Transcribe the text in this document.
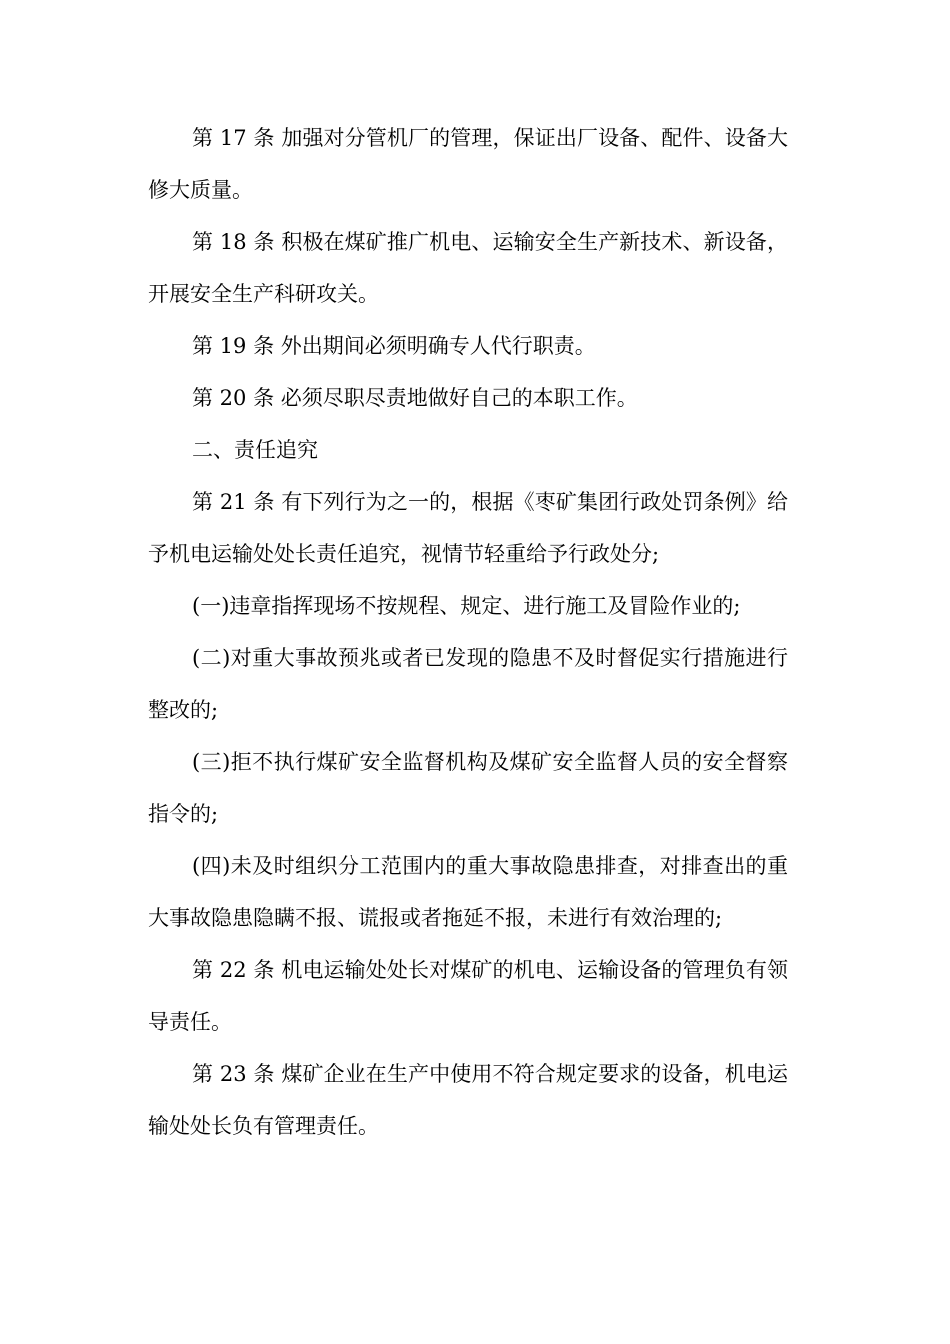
第 17 条 加强对分管机厂的管理，保证出厂设备、配件、设备大修大质量。

第 18 条 积极在煤矿推广机电、运输安全生产新技术、新设备，开展安全生产科研攻关。

第 19 条 外出期间必须明确专人代行职责。

第 20 条 必须尽职尽责地做好自己的本职工作。

二、责任追究

第 21 条 有下列行为之一的，根据《枣矿集团行政处罚条例》给予机电运输处处长责任追究，视情节轻重给予行政处分;

(一)违章指挥现场不按规程、规定、进行施工及冒险作业的;

(二)对重大事故预兆或者已发现的隐患不及时督促实行措施进行整改的;

(三)拒不执行煤矿安全监督机构及煤矿安全监督人员的安全督察指令的;

(四)未及时组织分工范围内的重大事故隐患排查，对排查出的重大事故隐患隐瞒不报、谎报或者拖延不报，未进行有效治理的;

第 22 条 机电运输处处长对煤矿的机电、运输设备的管理负有领导责任。

第 23 条 煤矿企业在生产中使用不符合规定要求的设备，机电运输处处长负有管理责任。
